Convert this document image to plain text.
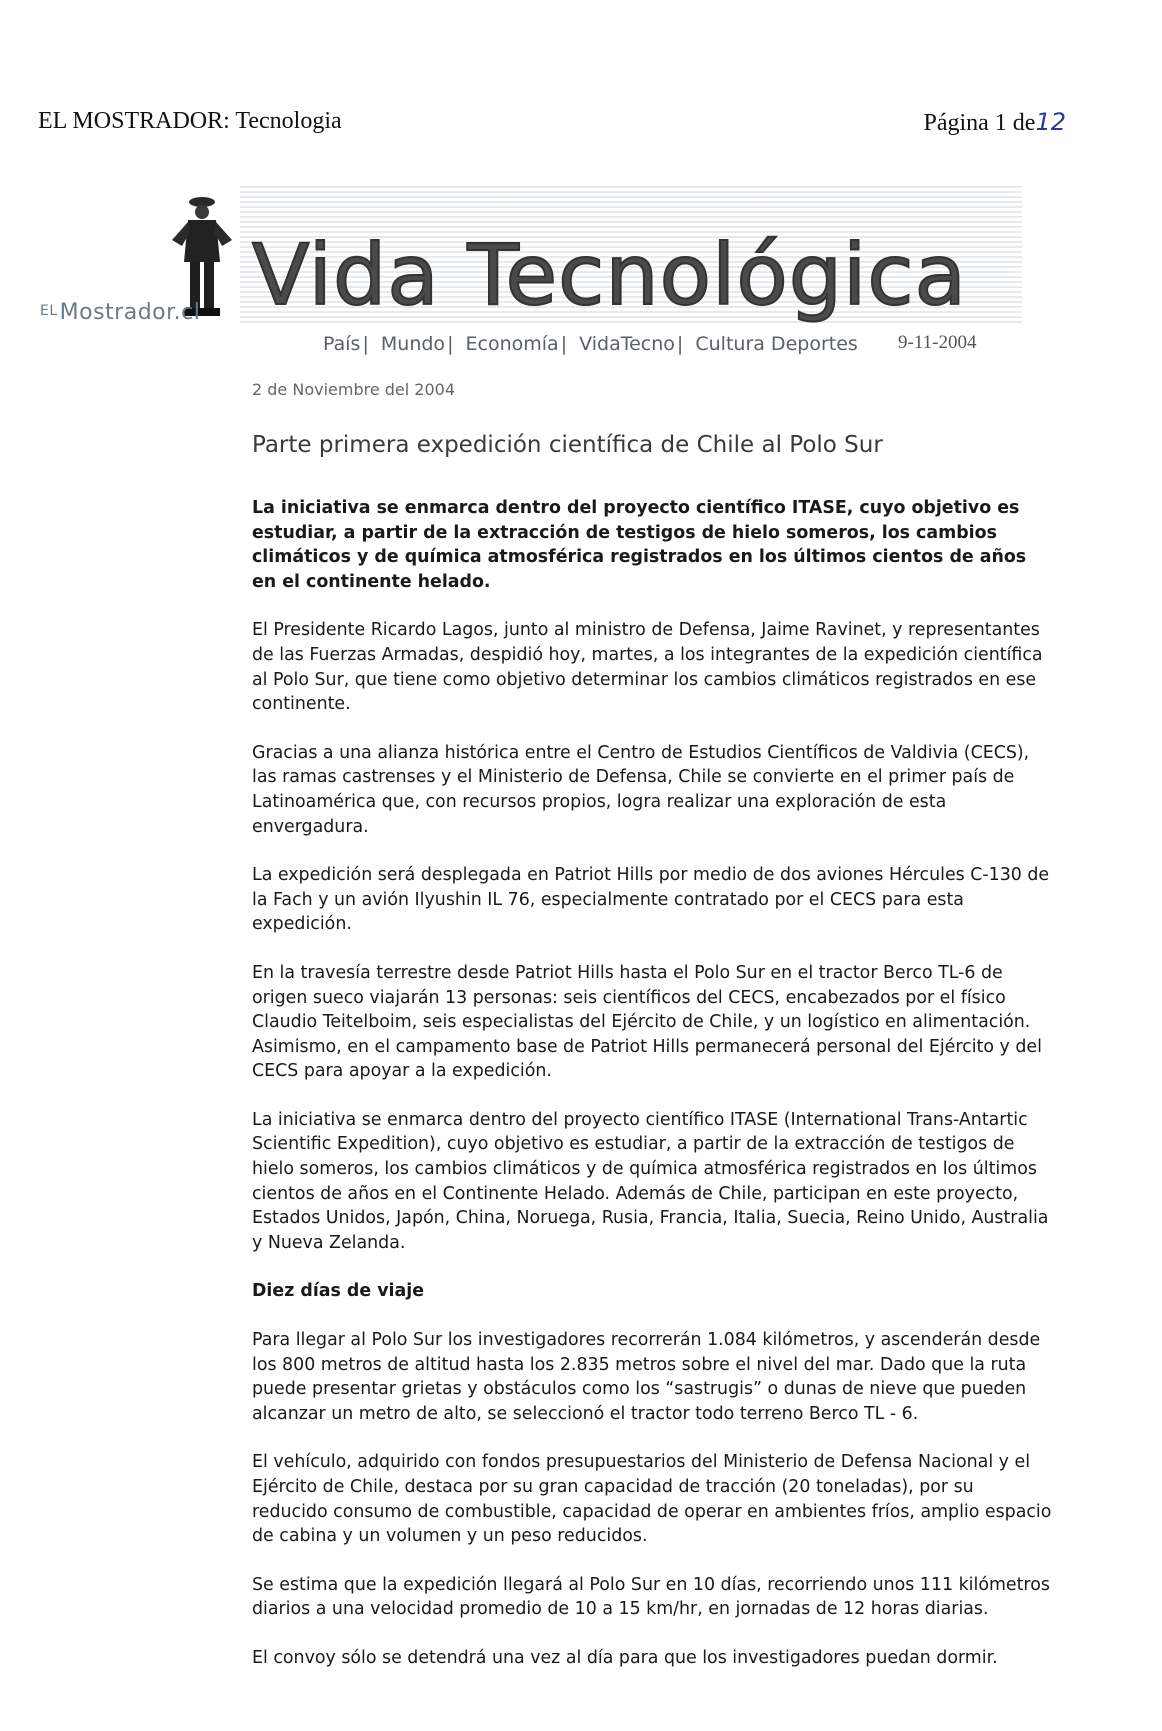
EL MOSTRADOR: Tecnologia	Página 1 de12
ELMostrador.cl Vida Tecnológica
País | Mundo | Economía | VidaTecno | Cultura Deportes 9-11-2004
2 de Noviembre del 2004
Parte primera expedición científica de Chile al Polo Sur

La iniciativa se enmarca dentro del proyecto científico ITASE, cuyo objetivo es estudiar, a partir de la extracción de testigos de hielo someros, los cambios climáticos y de química atmosférica registrados en los últimos cientos de años en el continente helado.

El Presidente Ricardo Lagos, junto al ministro de Defensa, Jaime Ravinet, y representantes de las Fuerzas Armadas, despidió hoy, martes, a los integrantes de la expedición científica al Polo Sur, que tiene como objetivo determinar los cambios climáticos registrados en ese continente.

Gracias a una alianza histórica entre el Centro de Estudios Científicos de Valdivia (CECS), las ramas castrenses y el Ministerio de Defensa, Chile se convierte en el primer país de Latinoamérica que, con recursos propios, logra realizar una exploración de esta envergadura.

La expedición será desplegada en Patriot Hills por medio de dos aviones Hércules C-130 de la Fach y un avión Ilyushin IL 76, especialmente contratado por el CECS para esta expedición.

En la travesía terrestre desde Patriot Hills hasta el Polo Sur en el tractor Berco TL-6 de origen sueco viajarán 13 personas: seis científicos del CECS, encabezados por el físico Claudio Teitelboim, seis especialistas del Ejército de Chile, y un logístico en alimentación. Asimismo, en el campamento base de Patriot Hills permanecerá personal del Ejército y del CECS para apoyar a la expedición.

La iniciativa se enmarca dentro del proyecto científico ITASE (International Trans-Antartic Scientific Expedition), cuyo objetivo es estudiar, a partir de la extracción de testigos de hielo someros, los cambios climáticos y de química atmosférica registrados en los últimos cientos de años en el Continente Helado. Además de Chile, participan en este proyecto, Estados Unidos, Japón, China, Noruega, Rusia, Francia, Italia, Suecia, Reino Unido, Australia y Nueva Zelanda.

Diez días de viaje

Para llegar al Polo Sur los investigadores recorrerán 1.084 kilómetros, y ascenderán desde los 800 metros de altitud hasta los 2.835 metros sobre el nivel del mar. Dado que la ruta puede presentar grietas y obstáculos como los “sastrugis” o dunas de nieve que pueden alcanzar un metro de alto, se seleccionó el tractor todo terreno Berco TL - 6.

El vehículo, adquirido con fondos presupuestarios del Ministerio de Defensa Nacional y el Ejército de Chile, destaca por su gran capacidad de tracción (20 toneladas), por su reducido consumo de combustible, capacidad de operar en ambientes fríos, amplio espacio de cabina y un volumen y un peso reducidos.

Se estima que la expedición llegará al Polo Sur en 10 días, recorriendo unos 111 kilómetros diarios a una velocidad promedio de 10 a 15 km/hr, en jornadas de 12 horas diarias.

El convoy sólo se detendrá una vez al día para que los investigadores puedan dormir.
